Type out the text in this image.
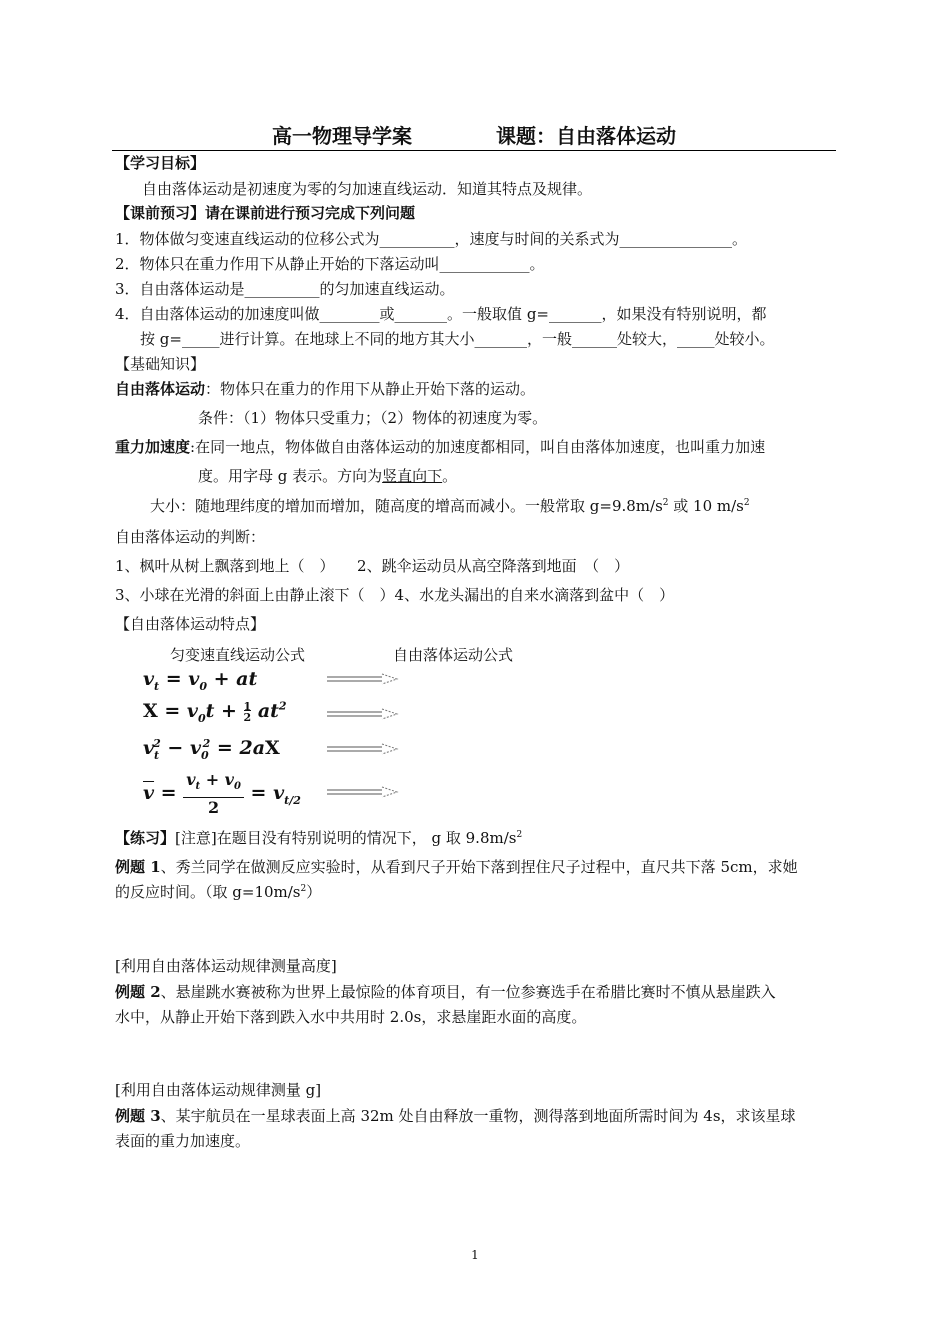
高一物理导学案	课题：自由落体运动
【学习目标】
自由落体运动是初速度为零的匀加速直线运动．知道其特点及规律。
【课前预习】请在课前进行预习完成下列问题
1．物体做匀变速直线运动的位移公式为__________，速度与时间的关系式为_______________。
2．物体只在重力作用下从静止开始的下落运动叫____________。
3．自由落体运动是__________的匀加速直线运动。
4．自由落体运动的加速度叫做________或_______。一般取值 g=_______，如果没有特别说明，都
按 g=_____进行计算。在地球上不同的地方其大小_______，一般______处较大，_____处较小。
【基础知识】
自由落体运动：物体只在重力的作用下从静止开始下落的运动。
条件：（1）物体只受重力；（2）物体的初速度为零。
重力加速度:在同一地点，物体做自由落体运动的加速度都相同，叫自由落体加速度，也叫重力加速
度。用字母 g 表示。方向为竖直向下。
大小：随地理纬度的增加而增加，随高度的增高而减小。一般常取 $g=9.8m/s^2$ 或 10 $m/s^2$
自由落体运动的判断：
1、枫叶从树上飘落到地上（　）　　2、跳伞运动员从高空降落到地面　（　）
3、小球在光滑的斜面上由静止滚下（　）4、水龙头漏出的自来水滴落到盆中（　）
【自由落体运动特点】
匀变速直线运动公式	自由落体运动公式
$v_t = v_0$ + at
$X = v_0t + 1$
2 $at^2$
$v_t^2 - v_0^2 = 2aX$
$\overline{v} = \frac{v_t + v_0}{2} = v_{t/2}$
【练习】[注意]在题目没有特别说明的情况下， g 取 $9.8m/s^2$
例题 1、秀兰同学在做测反应实验时，从看到尺子开始下落到捏住尺子过程中，直尺共下落 5cm，求她
的反应时间。（取 $g=10m/s^2$）
[利用自由落体运动规律测量高度]
例题 2、悬崖跳水赛被称为世界上最惊险的体育项目，有一位参赛选手在希腊比赛时不慎从悬崖跌入
水中，从静止开始下落到跌入水中共用时 2.0s，求悬崖距水面的高度。
[利用自由落体运动规律测量 g]
例题 3、某宇航员在一星球表面上高 32m 处自由释放一重物，测得落到地面所需时间为 4s，求该星球
表面的重力加速度。
1
